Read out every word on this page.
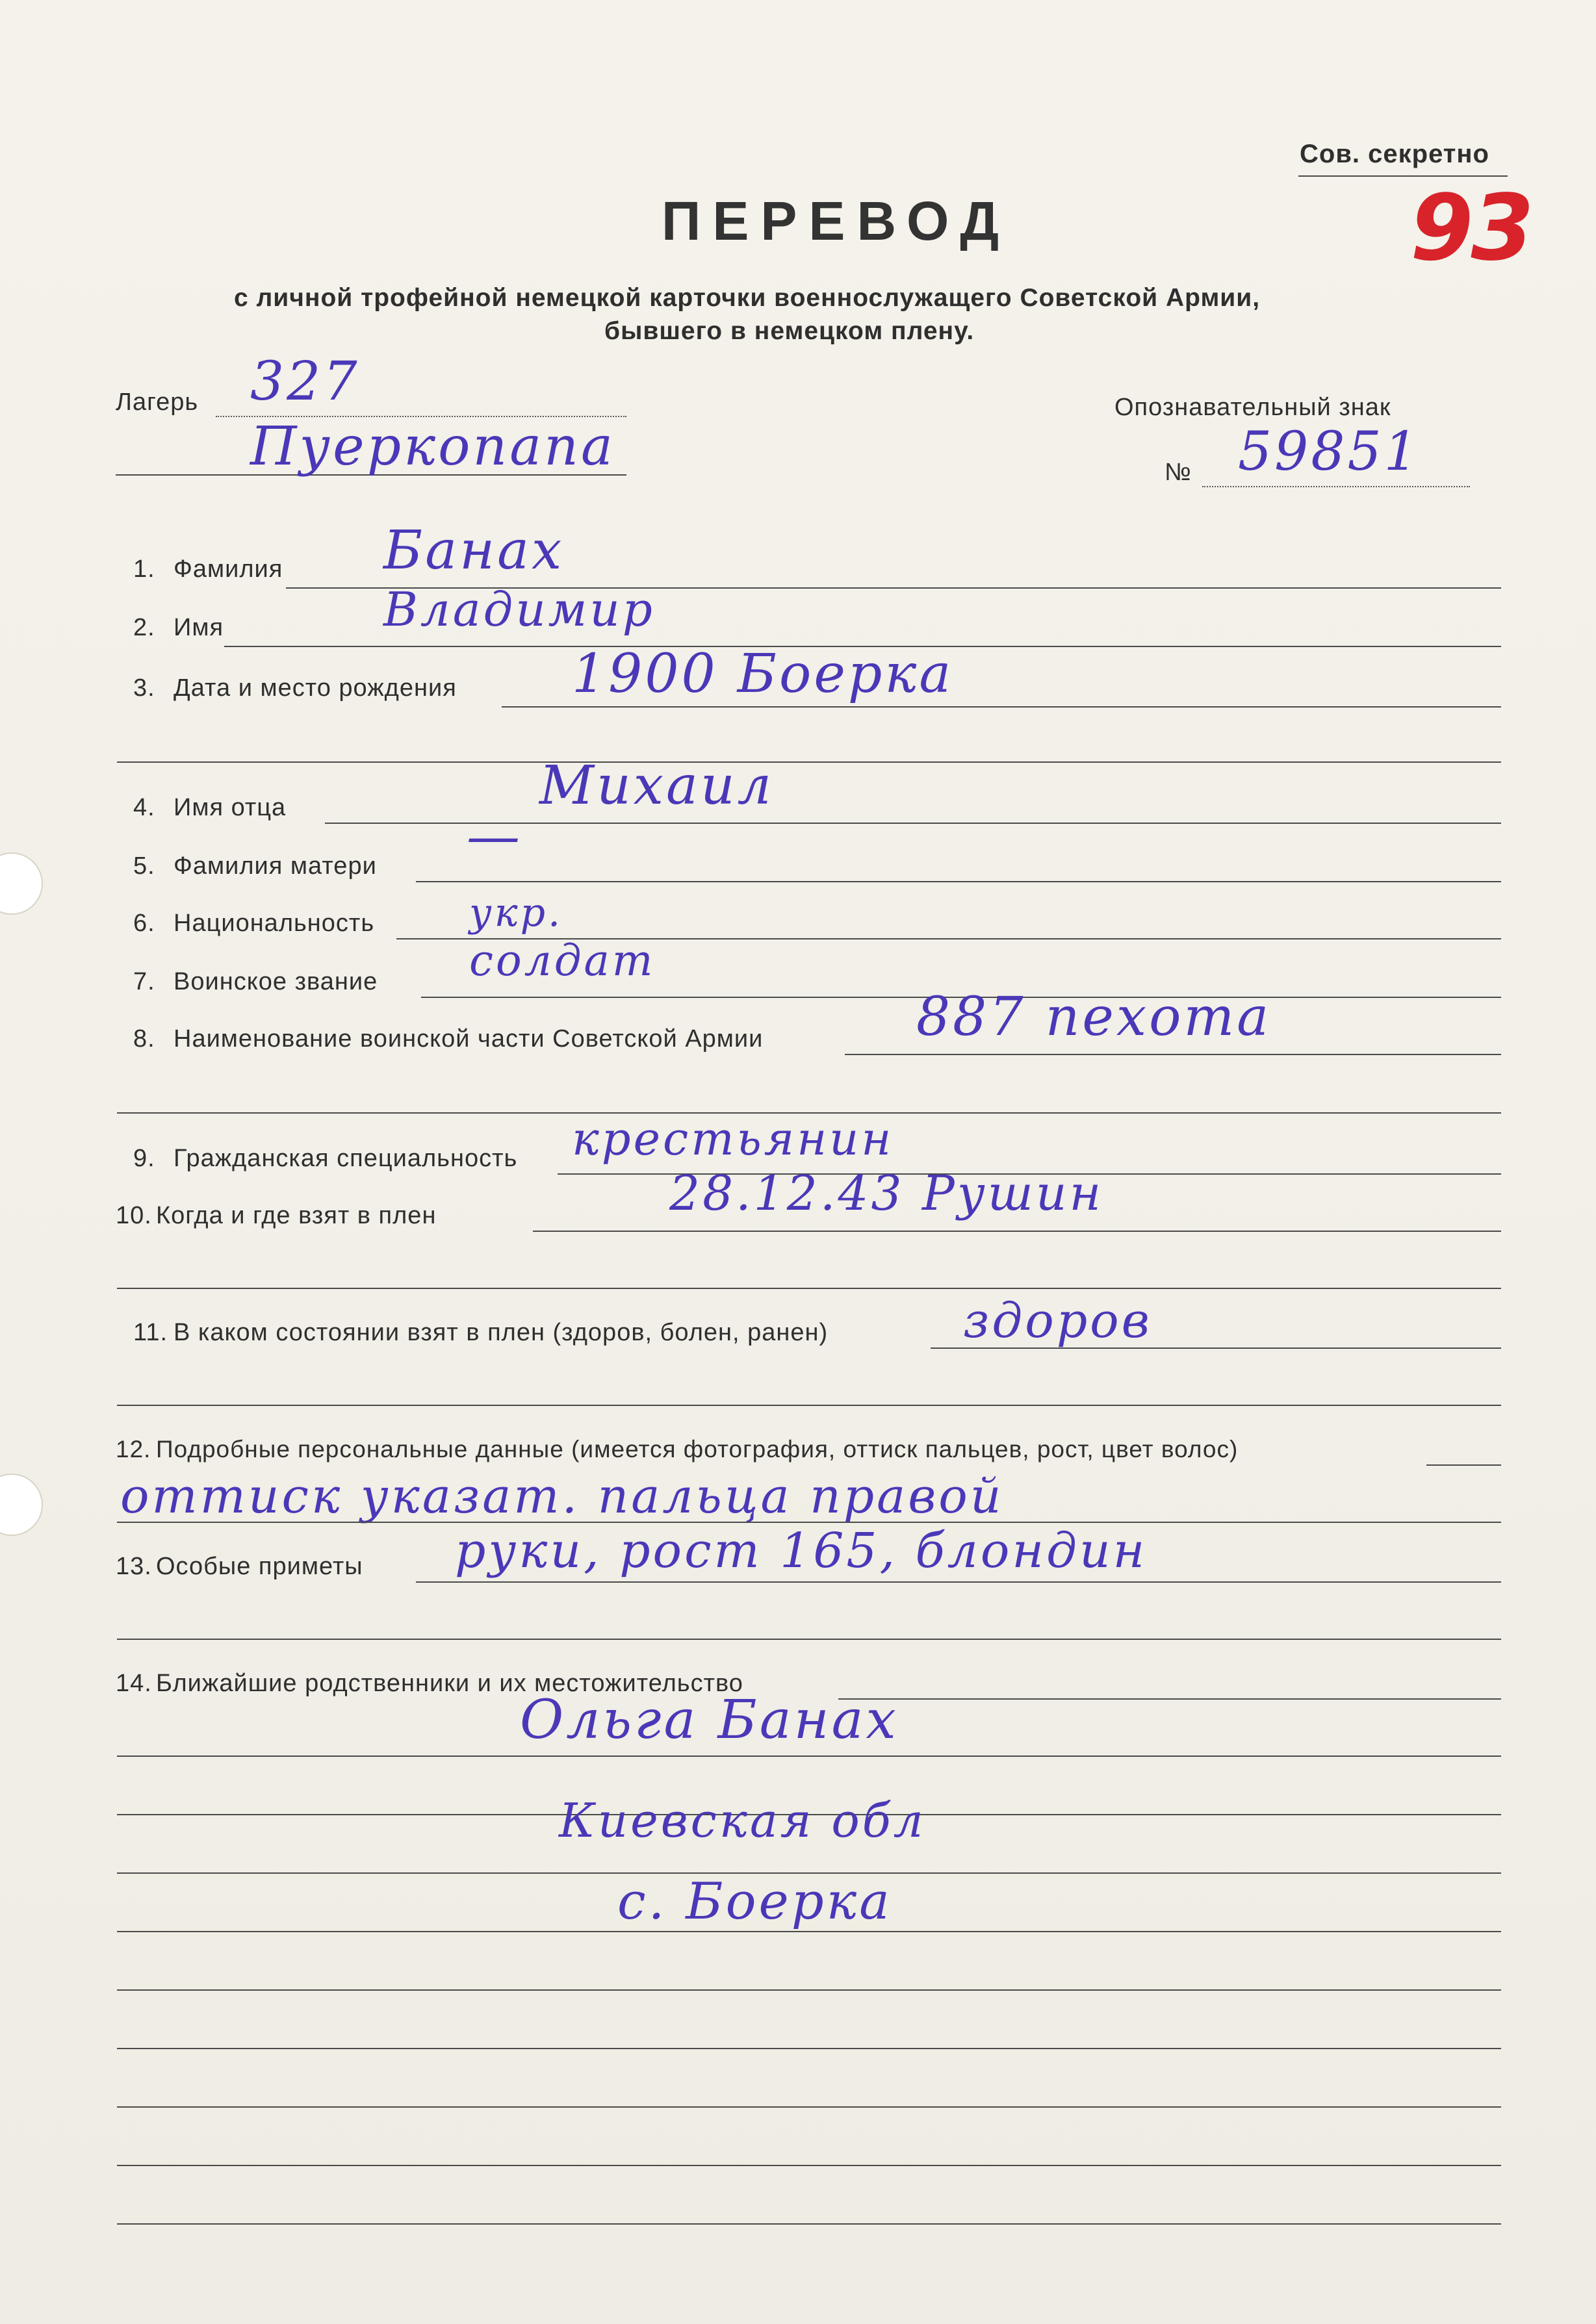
Сов. секретно
93
ПЕРЕВОД
с личной трофейной немецкой карточки военнослужащего Советской Армии,
бывшего в немецком плену.
Лагерь 327
Пуеркопапа
Опознавательный знак
№ 59851
1. Фамилия Банах
2. Имя	Владимир
3. Дата и место рождения 1900 Боерка
4. Имя отца	Михаил
5. Фамилия матери —
6. Национальность укр.
7. Воинское звание солдат
8. Наименование воинской части Советской Армии	887 пехота
9. Гражданская специальность крестьянин
10. Когда и где взят в плен	28.12.43 Рушин
11. В каком состоянии взят в плен (здоров, болен, ранен)	здоров
12. Подробные персональные данные (имеется фотография, оттиск пальцев, рост, цвет волос)
оттиск указат. пальца правой
13. Особые приметы руки, рост 165, блондин
14. Ближайшие родственники и их местожительство
Ольга Банах
Киевская обл
с. Боерка
